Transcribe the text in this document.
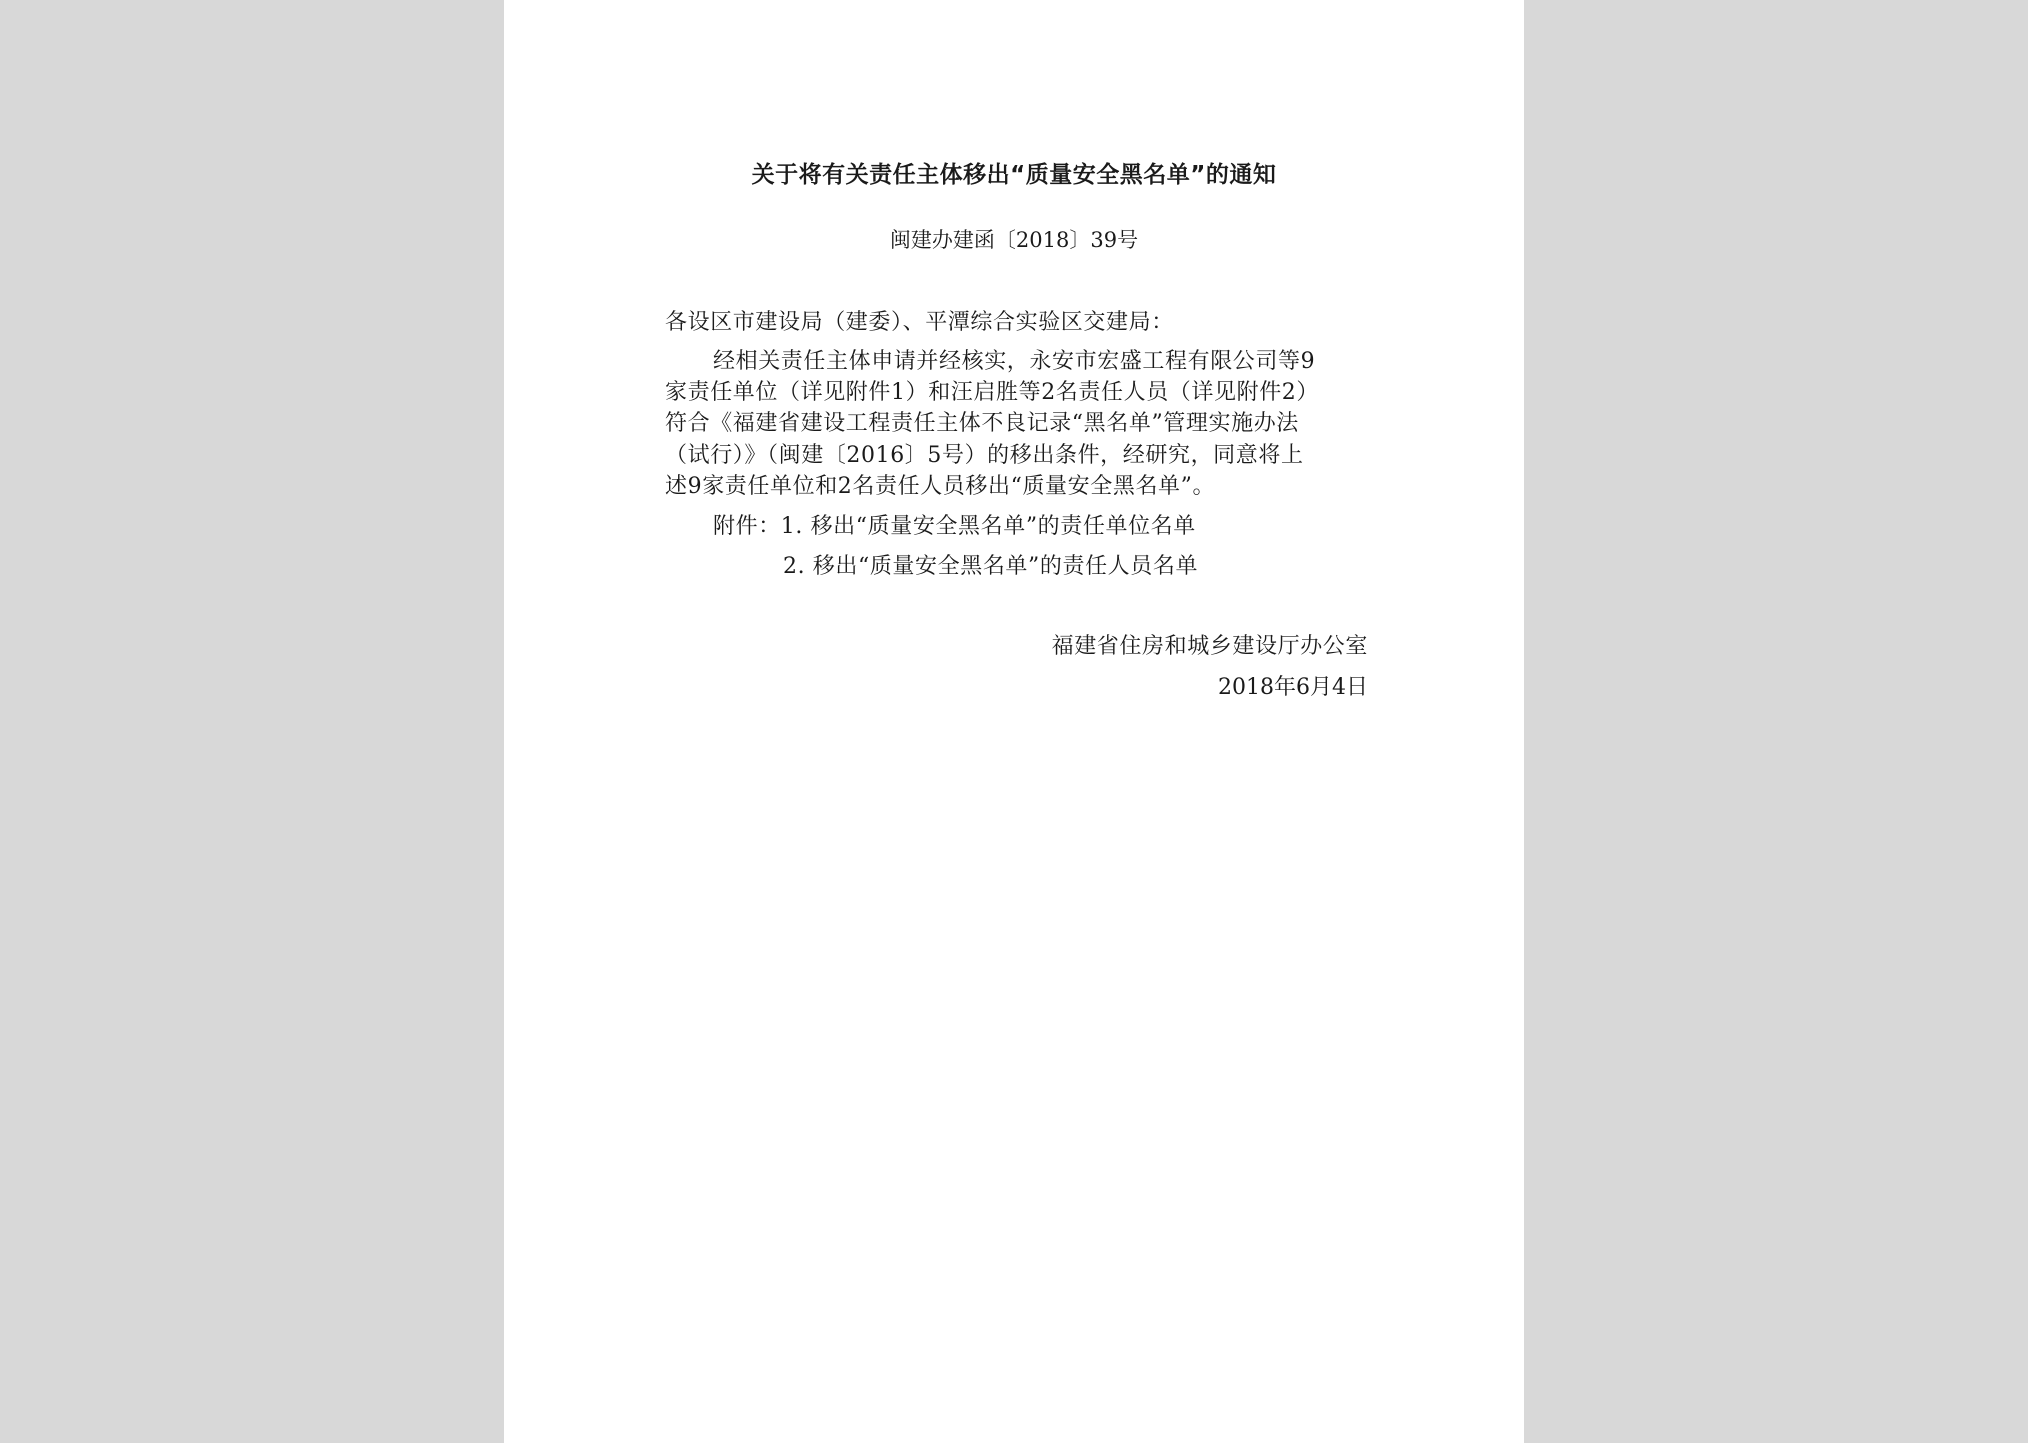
关于将有关责任主体移出“质量安全黑名单”的通知
闽建办建函〔2018〕39号
各设区市建设局（建委）、平潭综合实验区交建局：
经相关责任主体申请并经核实，永安市宏盛工程有限公司等9
家责任单位（详见附件1）和汪启胜等2名责任人员（详见附件2）
符合《福建省建设工程责任主体不良记录“黑名单”管理实施办法
（试行）》（闽建〔2016〕5号）的移出条件，经研究，同意将上
述9家责任单位和2名责任人员移出“质量安全黑名单”。
附件：1. 移出“质量安全黑名单”的责任单位名单
2. 移出“质量安全黑名单”的责任人员名单
福建省住房和城乡建设厅办公室
2018年6月4日
